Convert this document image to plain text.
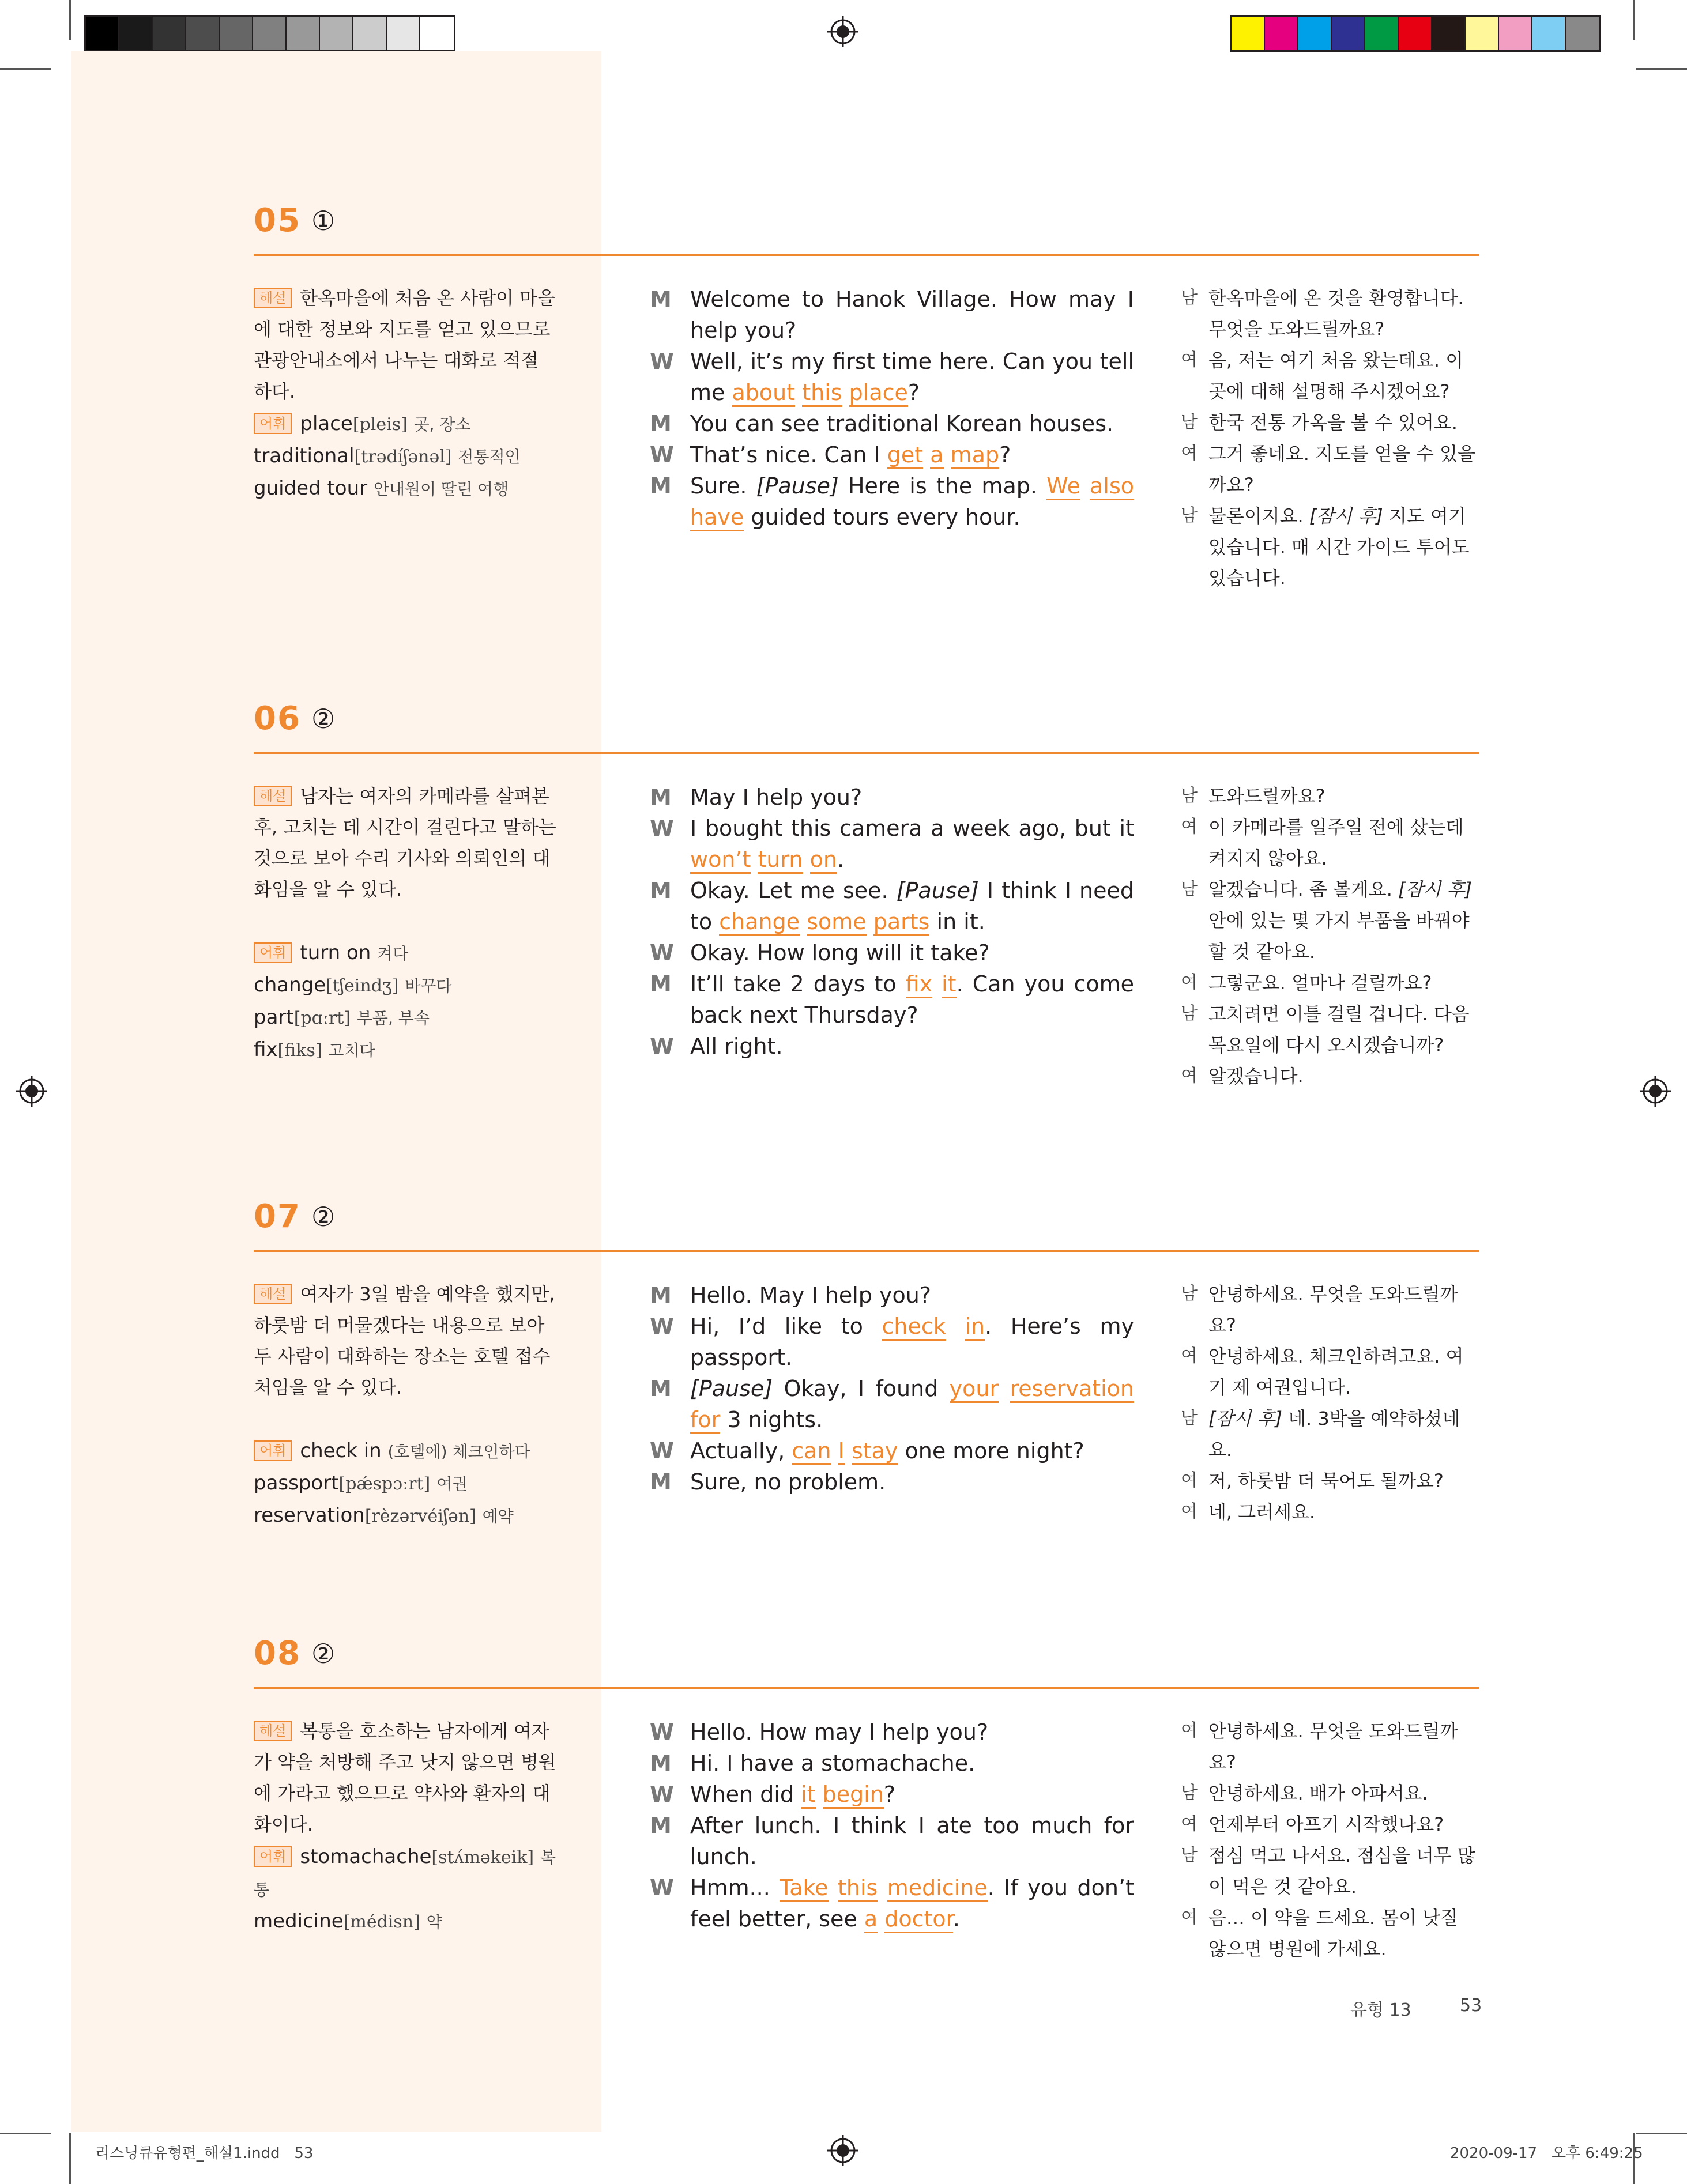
05 ①
해설 한옥마을에 처음 온 사람이 마을에 대한 정보와 지도를 얻고 있으므로 관광안내소에서 나누는 대화로 적절하다.
어휘 place[pleis] 곳, 장소
traditional[trədíʃənəl] 전통적인
guided tour 안내원이 딸린 여행
M Welcome to Hanok Village. How may I help you?
W Well, it’s my first time here. Can you tell me about this place?
M You can see traditional Korean houses.
W That’s nice. Can I get a map?
M Sure. [Pause] Here is the map. We also have guided tours every hour.
남 한옥마을에 온 것을 환영합니다. 무엇을 도와드릴까요?
여 음, 저는 여기 처음 왔는데요. 이곳에 대해 설명해 주시겠어요?
남 한국 전통 가옥을 볼 수 있어요.
여 그거 좋네요. 지도를 얻을 수 있을까요?
남 물론이지요. [잠시 후] 지도 여기 있습니다. 매 시간 가이드 투어도 있습니다.
06 ②
해설 남자는 여자의 카메라를 살펴본 후, 고치는 데 시간이 걸린다고 말하는 것으로 보아 수리 기사와 의뢰인의 대화임을 알 수 있다.
어휘 turn on 켜다
change[tʃeindʒ] 바꾸다
part[pɑːrt] 부품, 부속
fix[fiks] 고치다
M May I help you?
W I bought this camera a week ago, but it won’t turn on.
M Okay. Let me see. [Pause] I think I need to change some parts in it.
W Okay. How long will it take?
M It’ll take 2 days to fix it. Can you come back next Thursday?
W All right.
남 도와드릴까요?
여 이 카메라를 일주일 전에 샀는데 켜지지 않아요.
남 알겠습니다. 좀 볼게요. [잠시 후] 안에 있는 몇 가지 부품을 바꿔야 할 것 같아요.
여 그렇군요. 얼마나 걸릴까요?
남 고치려면 이틀 걸릴 겁니다. 다음 목요일에 다시 오시겠습니까?
여 알겠습니다.
07 ②
해설 여자가 3일 밤을 예약을 했지만, 하룻밤 더 머물겠다는 내용으로 보아 두 사람이 대화하는 장소는 호텔 접수처임을 알 수 있다.
어휘 check in (호텔에) 체크인하다
passport[pǽspɔːrt] 여권
reservation[rèzərvéiʃən] 예약
M Hello. May I help you?
W Hi, I’d like to check in. Here’s my passport.
M [Pause] Okay, I found your reservation for 3 nights.
W Actually, can I stay one more night?
M Sure, no problem.
남 안녕하세요. 무엇을 도와드릴까요?
여 안녕하세요. 체크인하려고요. 여기 제 여권입니다.
남 [잠시 후] 네. 3박을 예약하셨네요.
여 저, 하룻밤 더 묵어도 될까요?
여 네, 그러세요.
08 ②
해설 복통을 호소하는 남자에게 여자가 약을 처방해 주고 낫지 않으면 병원에 가라고 했으므로 약사와 환자의 대화이다.
어휘 stomachache[stʌ́məkeik] 복통
medicine[médisn] 약
W Hello. How may I help you?
M Hi. I have a stomachache.
W When did it begin?
M After lunch. I think I ate too much for lunch.
W Hmm... Take this medicine. If you don’t feel better, see a doctor.
여 안녕하세요. 무엇을 도와드릴까요?
남 안녕하세요. 배가 아파서요.
여 언제부터 아프기 시작했나요?
남 점심 먹고 나서요. 점심을 너무 많이 먹은 것 같아요.
여 음… 이 약을 드세요. 몸이 낫질 않으면 병원에 가세요.
유형 13	53
리스닝큐유형편_해설1.indd   53	2020-09-17   오후 6:49:25
